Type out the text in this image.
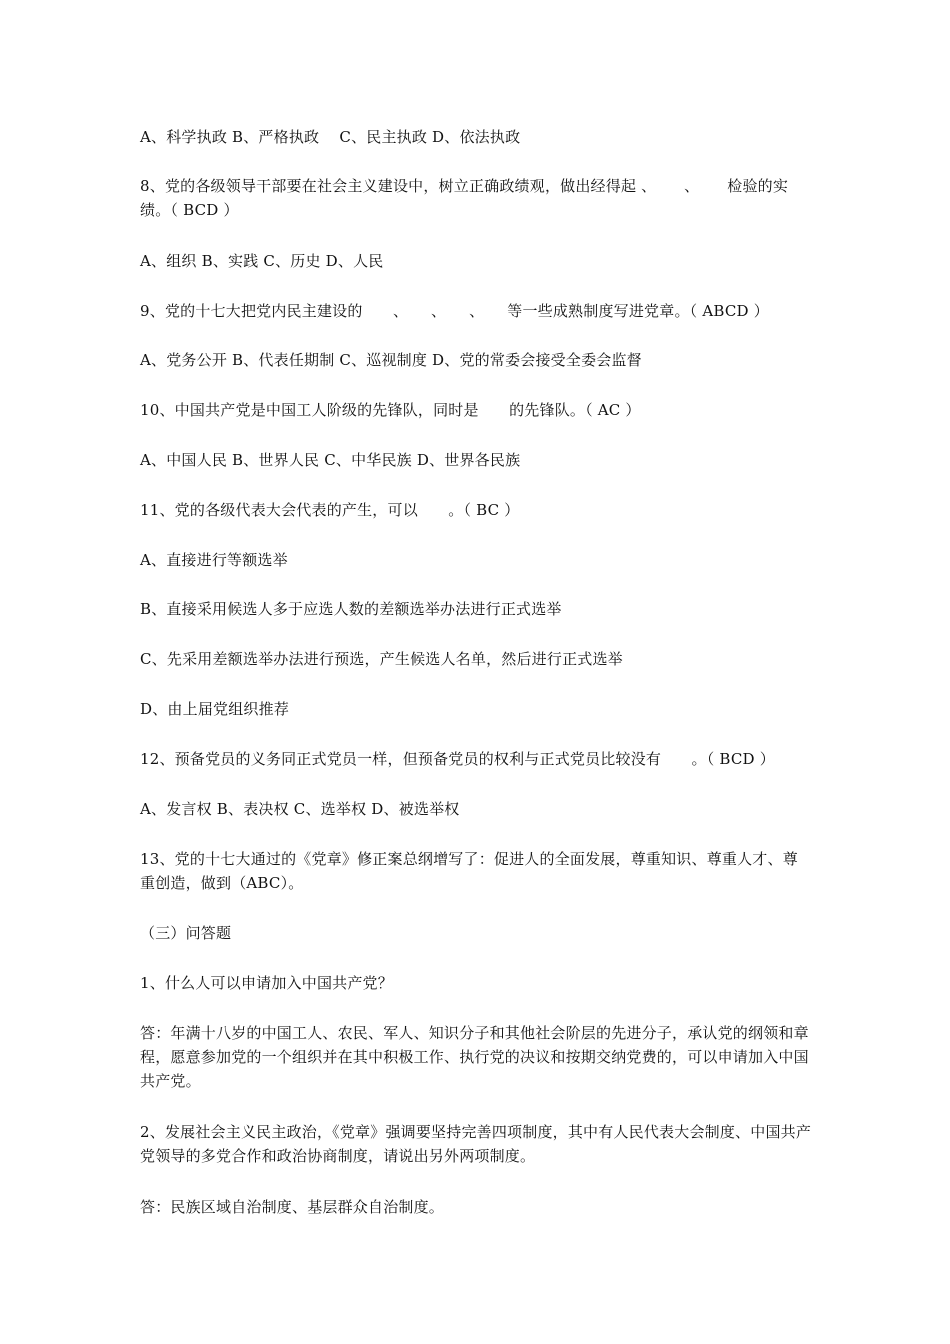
A、科学执政 B、严格执政　 C、民主执政 D、依法执政
8、党的各级领导干部要在社会主义建设中，树立正确政绩观，做出经得起 、　　 、　　 检验的实绩。（ BCD ）
A、组织 B、实践 C、历史 D、人民
9、党的十七大把党内民主建设的　　、　　、　　、　　等一些成熟制度写进党章。（ ABCD ）
A、党务公开 B、代表任期制 C、巡视制度 D、党的常委会接受全委会监督
10、中国共产党是中国工人阶级的先锋队，同时是　　的先锋队。（ AC ）
A、中国人民 B、世界人民 C、中华民族 D、世界各民族
11、党的各级代表大会代表的产生，可以　　。（ BC ）
A、直接进行等额选举
B、直接采用候选人多于应选人数的差额选举办法进行正式选举
C、先采用差额选举办法进行预选，产生候选人名单，然后进行正式选举
D、由上届党组织推荐
12、预备党员的义务同正式党员一样，但预备党员的权利与正式党员比较没有　　。（ BCD ）
A、发言权 B、表决权 C、选举权 D、被选举权
13、党的十七大通过的《党章》修正案总纲增写了：促进人的全面发展，尊重知识、尊重人才、尊重创造，做到（ABC）。
（三）问答题
1、什么人可以申请加入中国共产党？
答：年满十八岁的中国工人、农民、军人、知识分子和其他社会阶层的先进分子，承认党的纲领和章程，愿意参加党的一个组织并在其中积极工作、执行党的决议和按期交纳党费的，可以申请加入中国共产党。
2、发展社会主义民主政治，《党章》强调要坚持完善四项制度，其中有人民代表大会制度、中国共产党领导的多党合作和政治协商制度，请说出另外两项制度。
答：民族区域自治制度、基层群众自治制度。
